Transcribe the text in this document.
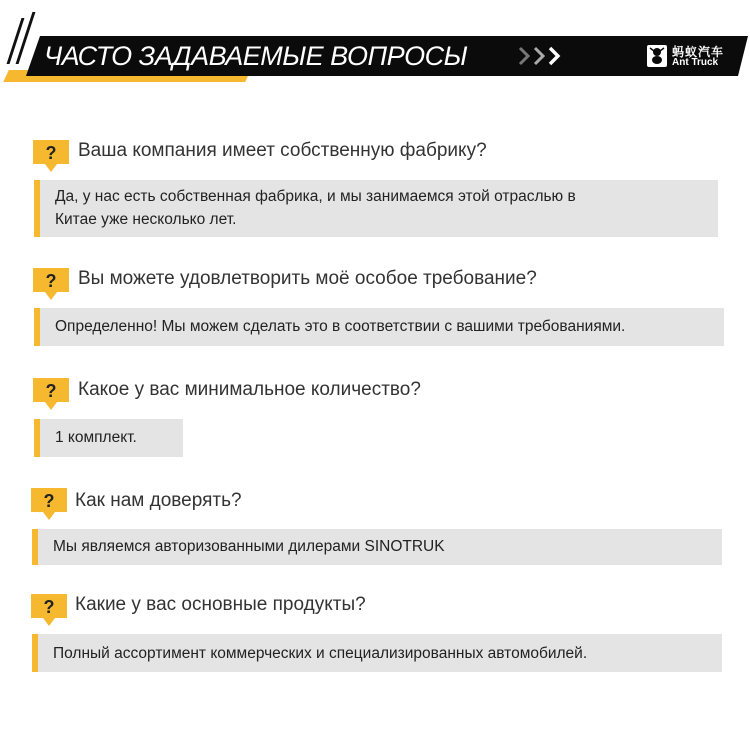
ЧАСТО ЗАДАВАЕМЫЕ ВОПРОСЫ	蚂蚁汽车
Ant Truck
? Ваша компания имеет собственную фабрику?
Да, у нас есть собственная фабрика, и мы занимаемся этой отраслью в
Китае уже несколько лет.
? Вы можете удовлетворить моё особое требование?
Определенно! Мы можем сделать это в соответствии с вашими требованиями.
? Какое у вас минимальное количество?
1 комплект.
? Как нам доверять?
Мы являемся авторизованными дилерами SINOTRUK
? Какие у вас основные продукты?
Полный ассортимент коммерческих и специализированных автомобилей.
